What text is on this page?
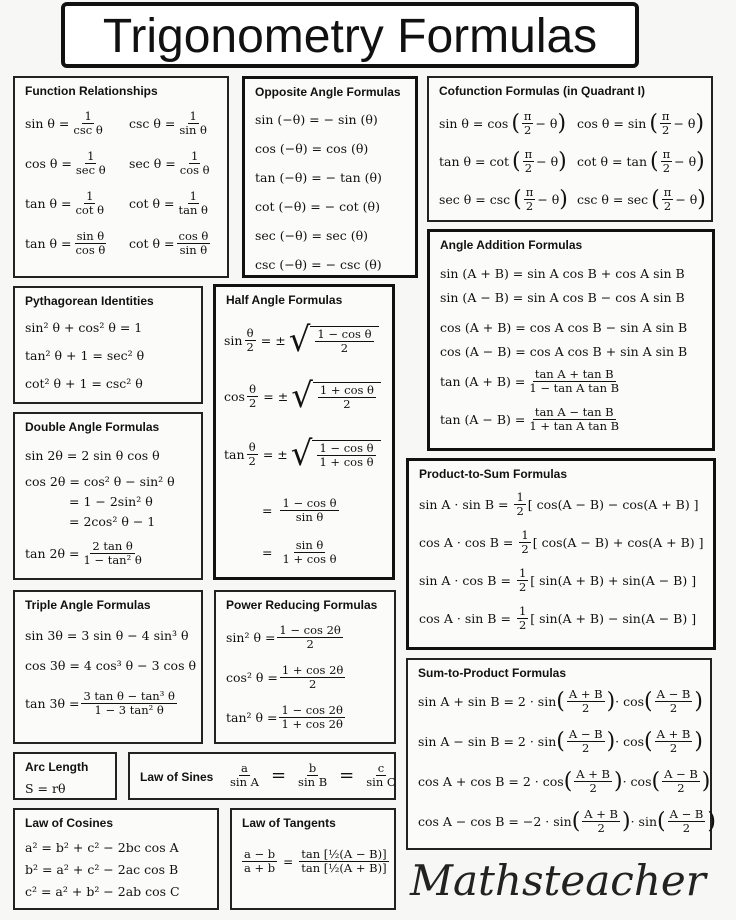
Trigonometry Formulas
Function Relationships
sin θ = 1
csc θ $\csc \theta = \frac{1}{\text{sin θ}}$
cos θ = 1
sec θ $\sec \theta = \frac{1}{\text{cos θ}}$
$\tan \theta = \frac{1}{\text{cot θ}}$ $\cot \theta = \frac{1}{\text{tan θ}}$
$\tan \theta = \frac{\text{sin θ}}{\text{cos θ}}$ $\cot \theta = \frac{\text{cos θ}}{\text{sin θ}}$
Opposite Angle Formulas
sin (−θ) = − sin (θ)
cos (−θ) = cos (θ)
tan (−θ) = − tan (θ)
cot (−θ) = − cot (θ)
sec (−θ) = sec (θ)
csc (−θ) = − csc (θ)
Cofunction Formulas (in Quadrant I)
sin θ = cos ( $\frac{\pi}{2} - \theta$ ) cos θ = sin ( $\frac{\pi}{2} - \theta$ )
tan θ = cot ( $\frac{\pi}{2} - \theta$ ) cot θ = tan ( $\frac{\pi}{2} - \theta$ )
sec θ = csc ( $\frac{\pi}{2} - \theta$ ) csc θ = sec ( $\frac{\pi}{2} - \theta$ )
Angle Addition Formulas
sin (A + B) = sin A cos B + cos A sin B
sin (A − B) = sin A cos B − cos A sin B
cos (A + B) = cos A cos B − sin A sin B
cos (A − B) = cos A cos B + sin A sin B
$\tan (A + B) = \frac{\text{tan A + tan B}}{\text{1 − tan A tan B}}$
$\tan (A - B) = \frac{\text{tan A − tan B}}{\text{1 + tan A tan B}}$
Pythagorean Identities
sin² θ + cos² θ = 1
tan² θ + 1 = sec² θ
cot² θ + 1 = csc² θ
Half Angle Formulas
$\sin \frac{\theta}{2}$ = ± √ $\frac{\text{1 − cos θ}}{2}$
$\cos \frac{\theta}{2}$ = ± √ $\frac{\text{1 + cos θ}}{2}$
$\tan \frac{\theta}{2}$ = ± √ $\frac{\text{1 − cos θ}}{\text{1 + cos θ}}$
= $\frac{\text{1 − cos θ}}{\text{sin θ}}$
= $\frac{\text{sin θ}}{\text{1 + cos θ}}$
Double Angle Formulas
sin 2θ = 2 sin θ cos θ
cos 2θ = cos² θ − sin² θ
= 1 − 2sin² θ
= 2cos² θ − 1
$\tan 2\theta = \frac{\text{2 tan θ}}{\text{1 − tan² θ}}$
Product-to-Sum Formulas
$\sin A \cdot \sin B = \frac{1}{2}$ [ cos(A − B) − cos(A + B) ]
$\cos A \cdot \cos B = \frac{1}{2}$ [ cos(A − B) + cos(A + B) ]
$\sin A \cdot \cos B = \frac{1}{2}$ [ sin(A + B) + sin(A − B) ]
$\cos A \cdot \sin B = \frac{1}{2}$ [ sin(A + B) − sin(A − B) ]
Triple Angle Formulas
sin 3θ = 3 sin θ − 4 sin³ θ
cos 3θ = 4 cos³ θ − 3 cos θ
$\tan 3\theta = \frac{\text{3 tan θ − tan³ θ}}{\text{1 − 3 tan² θ}}$
Power Reducing Formulas
sin² $\theta = \frac{1 - \cos 2\theta}{2}$
cos² $\theta = \frac{1 + \cos 2\theta}{2}$
tan² $\theta = \frac{1 - \cos 2\theta}{1 + \cos 2\theta}$
Sum-to-Product Formulas
sin A + sin B = 2 · sin ( $\frac{A + B}{2}$ ) · cos ( $\frac{A - B}{2}$ )
sin A − sin B = 2 · sin ( $\frac{A - B}{2}$ ) · cos ( $\frac{A + B}{2}$ )
cos A + cos B = 2 · cos ( $\frac{A + B}{2}$ ) · cos ( $\frac{A - B}{2}$ )
cos A − cos B = −2 · sin ( $\frac{A + B}{2}$ ) · sin ( $\frac{A - B}{2}$ )
Arc Length
S = rθ
Law of Sines $\frac{a}{\text{sin A}} = \frac{b}{\text{sin B}} = \frac{c}{\text{sin C}}$
Law of Cosines
a² = b² + c² − 2bc cos A
b² = a² + c² − 2ac cos B
c² = a² + b² − 2ab cos C
Law of Tangents
$\frac{a - b}{a + b} = \frac{\text{tan [½(A − B)]}}{\text{tan [½(A + B)]}}$ Mathsteacher
